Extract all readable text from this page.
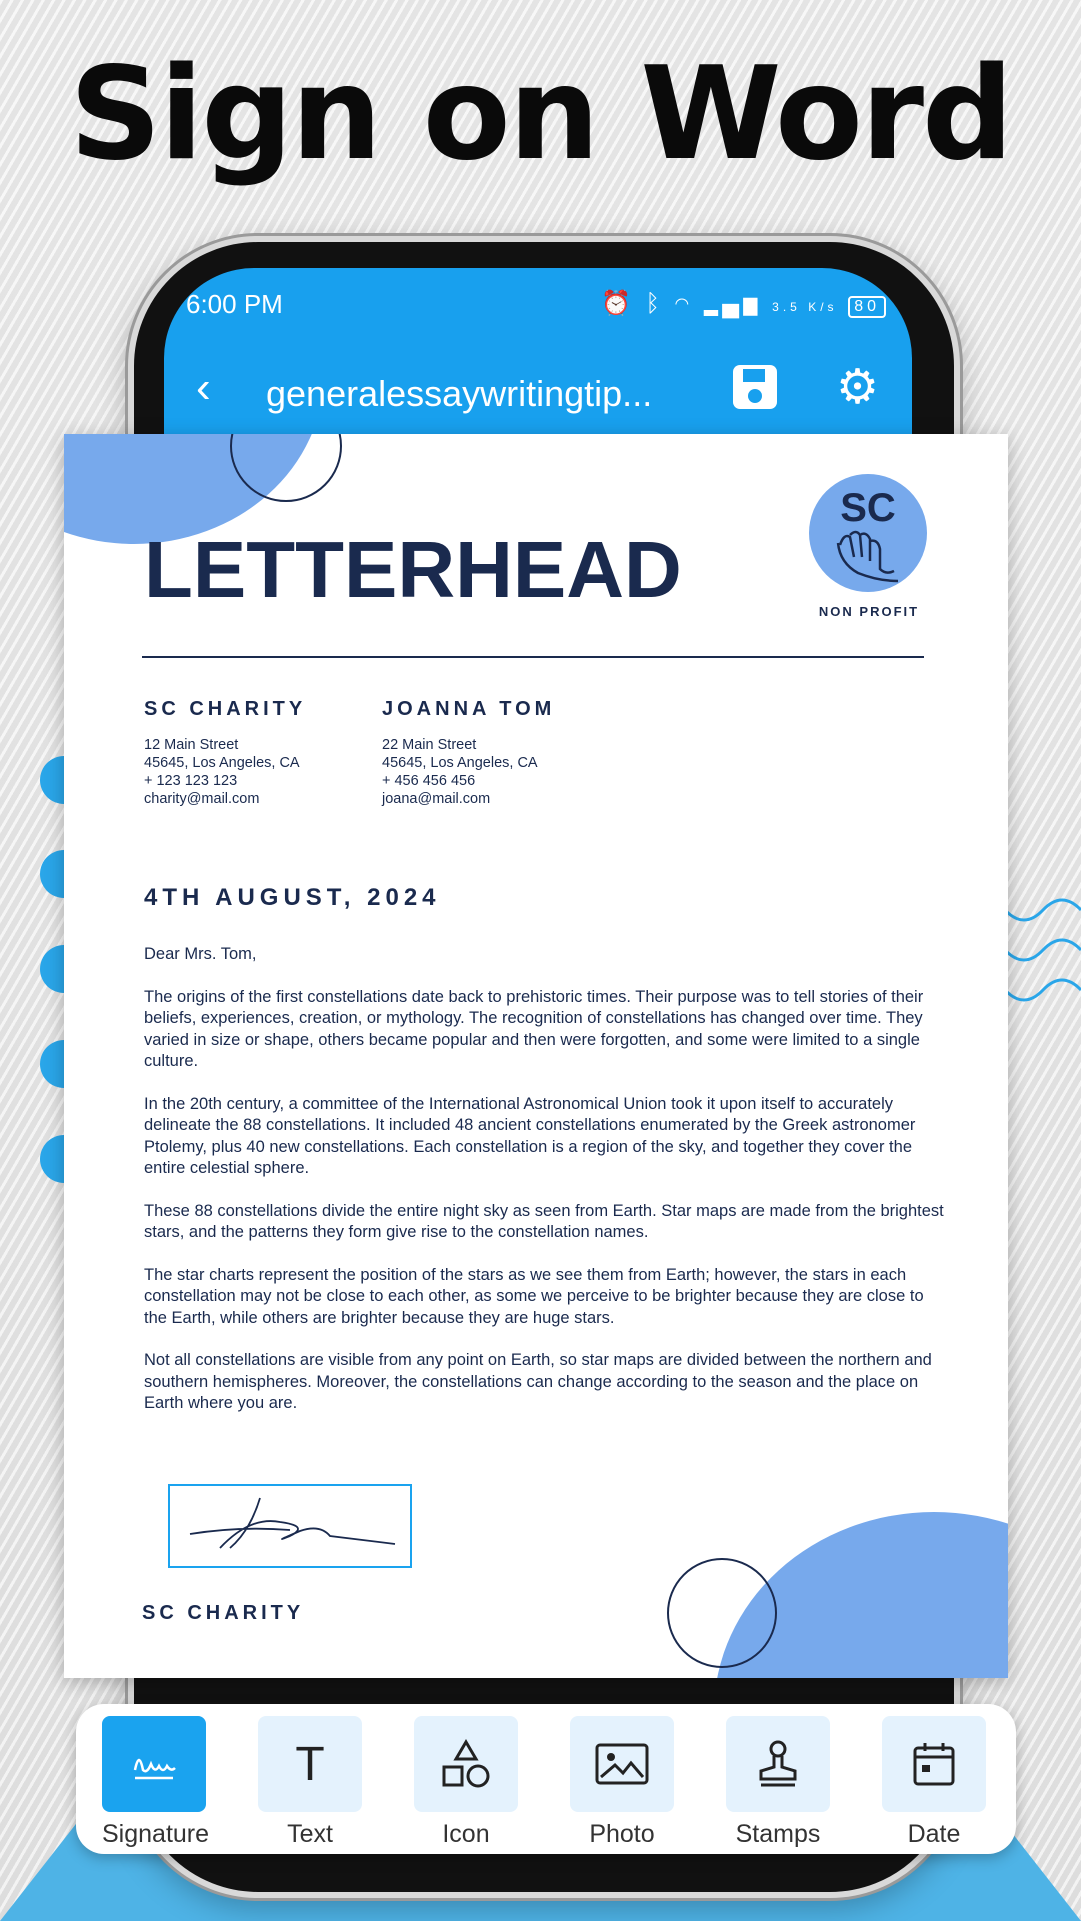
Sign on Word
6:00 PM	⏰ ᛒ ◠ ▂▄▆ 3.5 K/s 80
‹ generalessaywritingtip...	⚙
SC
NON PROFIT
LETTERHEAD
SC CHARITY
12 Main Street
45645, Los Angeles, CA
+ 123 123 123
charity@mail.com
JOANNA TOM
22 Main Street
45645, Los Angeles, CA
+ 456 456 456
joana@mail.com
4TH AUGUST, 2024

Dear Mrs. Tom,

The origins of the first constellations date back to prehistoric times. Their purpose was to tell stories of their beliefs, experiences, creation, or mythology. The recognition of constellations has changed over time. They varied in size or shape, others became popular and then were forgotten, and some were limited to a single culture.

In the 20th century, a committee of the International Astronomical Union took it upon itself to accurately delineate the 88 constellations. It included 48 ancient constellations enumerated by the Greek astronomer Ptolemy, plus 40 new constellations. Each constellation is a region of the sky, and together they cover the entire celestial sphere.

These 88 constellations divide the entire night sky as seen from Earth. Star maps are made from the brightest stars, and the patterns they form give rise to the constellation names.

The star charts represent the position of the stars as we see them from Earth; however, the stars in each constellation may not be close to each other, as some we perceive to be brighter because they are close to the Earth, while others are brighter because they are huge stars.

Not all constellations are visible from any point on Earth, so star maps are divided between the northern and southern hemispheres. Moreover, the constellations can change according to the season and the place on Earth where you are.

SC CHARITY
Signature
T
Text	Icon	Photo	Stamps	Date
